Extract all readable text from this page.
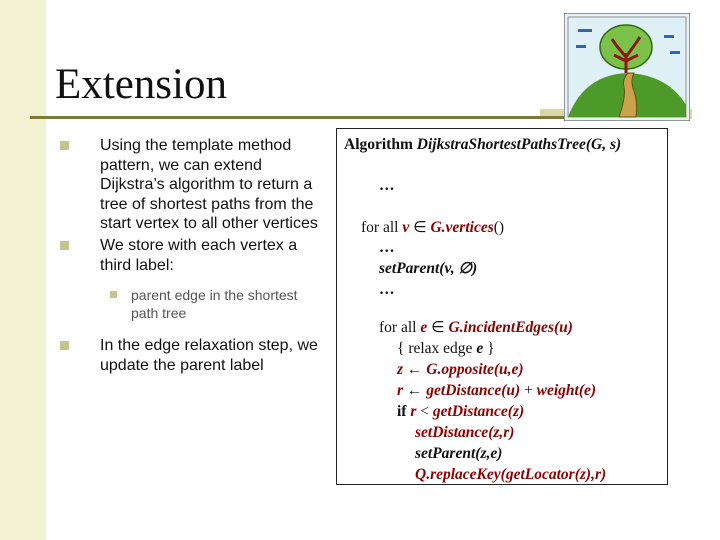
Extension

Using the template method pattern, we can extend Dijkstra’s algorithm to return a tree of shortest paths from the start vertex to all other vertices

We store with each vertex a third label:

parent edge in the shortest path tree

In the edge relaxation step, we update the parent label

Algorithm DijkstraShortestPathsTree(G, s)
…
for all v ∈ G.vertices()
…
setParent(v, ∅)
…
for all e ∈ G.incidentEdges(u)
{ relax edge e }
z ← G.opposite(u,e)
r ← getDistance(u) + weight(e)
if r < getDistance(z)
setDistance(z,r)
setParent(z,e)
Q.replaceKey(getLocator(z),r)
